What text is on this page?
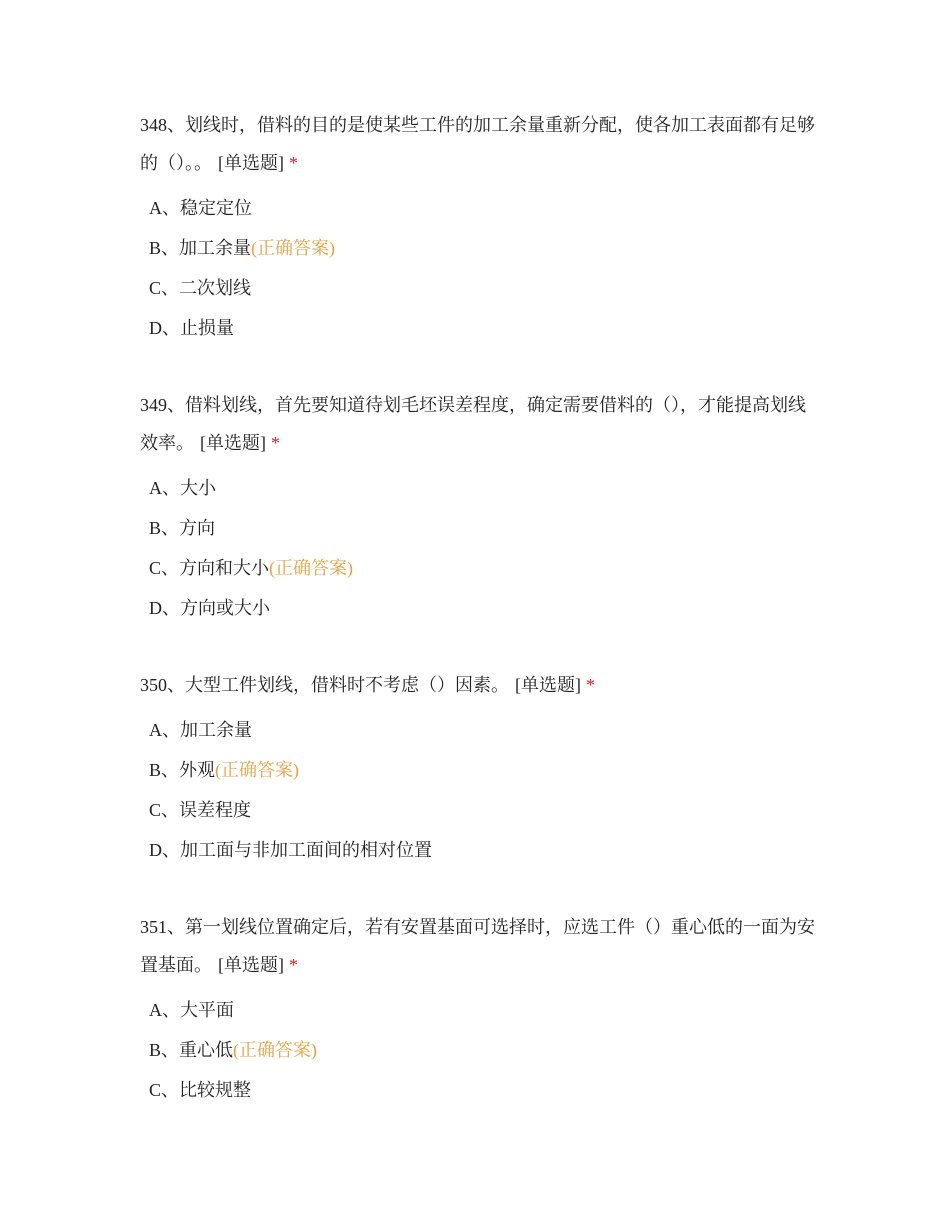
348、划线时，借料的目的是使某些工件的加工余量重新分配，使各加工表面都有足够的（）。。 [单选题] *

A、稳定定位
B、加工余量(正确答案)
C、二次划线
D、止损量

349、借料划线，首先要知道待划毛坯误差程度，确定需要借料的（），才能提高划线效率。 [单选题] *

A、大小
B、方向
C、方向和大小(正确答案)
D、方向或大小

350、大型工件划线，借料时不考虑（）因素。 [单选题] *

A、加工余量
B、外观(正确答案)
C、误差程度
D、加工面与非加工面间的相对位置

351、第一划线位置确定后，若有安置基面可选择时，应选工件（）重心低的一面为安置基面。 [单选题] *

A、大平面
B、重心低(正确答案)
C、比较规整
